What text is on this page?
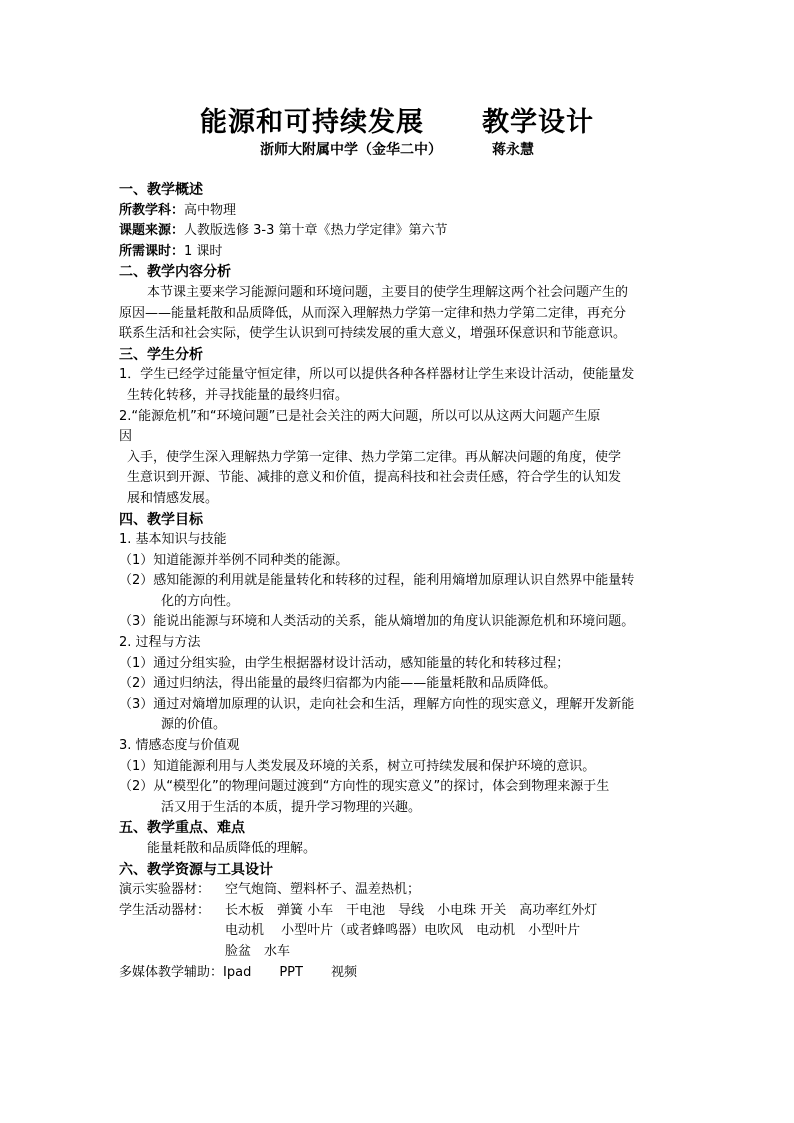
能源和可持续发展 教学设计
浙师大附属中学（金华二中）	蒋永慧
一、教学概述
所教学科：高中物理
课题来源：人教版选修 3-3 第十章《热力学定律》第六节
所需课时：1 课时
二、教学内容分析
本节课主要来学习能源问题和环境问题，主要目的使学生理解这两个社会问题产生的
原因——能量耗散和品质降低，从而深入理解热力学第一定律和热力学第二定律，再充分
联系生活和社会实际，使学生认识到可持续发展的重大意义，增强环保意识和节能意识。
三、学生分析
1．学生已经学过能量守恒定律，所以可以提供各种各样器材让学生来设计活动，使能量发
生转化转移，并寻找能量的最终归宿。
2.“能源危机”和“环境问题”已是社会关注的两大问题，所以可以从这两大问题产生原
因
入手，使学生深入理解热力学第一定律、热力学第二定律。再从解决问题的角度，使学
生意识到开源、节能、减排的意义和价值，提高科技和社会责任感，符合学生的认知发
展和情感发展。
四、教学目标
1. 基本知识与技能
（1）知道能源并举例不同种类的能源。
（2）感知能源的利用就是能量转化和转移的过程，能利用熵增加原理认识自然界中能量转
化的方向性。
（3）能说出能源与环境和人类活动的关系，能从熵增加的角度认识能源危机和环境问题。
2. 过程与方法
（1）通过分组实验，由学生根据器材设计活动，感知能量的转化和转移过程；
（2）通过归纳法，得出能量的最终归宿都为内能——能量耗散和品质降低。
（3）通过对熵增加原理的认识，走向社会和生活，理解方向性的现实意义，理解开发新能
源的价值。
3. 情感态度与价值观
（1）知道能源利用与人类发展及环境的关系，树立可持续发展和保护环境的意识。
（2）从“模型化”的物理问题过渡到“方向性的现实意义”的探讨，体会到物理来源于生
活又用于生活的本质，提升学习物理的兴趣。
五、教学重点、难点
能量耗散和品质降低的理解。
六、教学资源与工具设计
演示实验器材： 空气炮筒、塑料杯子、温差热机；
学生活动器材： 长木板　弹簧 小车　干电池　导线　小电珠 开关　高功率红外灯
电动机　 小型叶片（或者蜂鸣器）电吹风　电动机　小型叶片
脸盆　水车
多媒体教学辅助：Ipad PPT 视频
